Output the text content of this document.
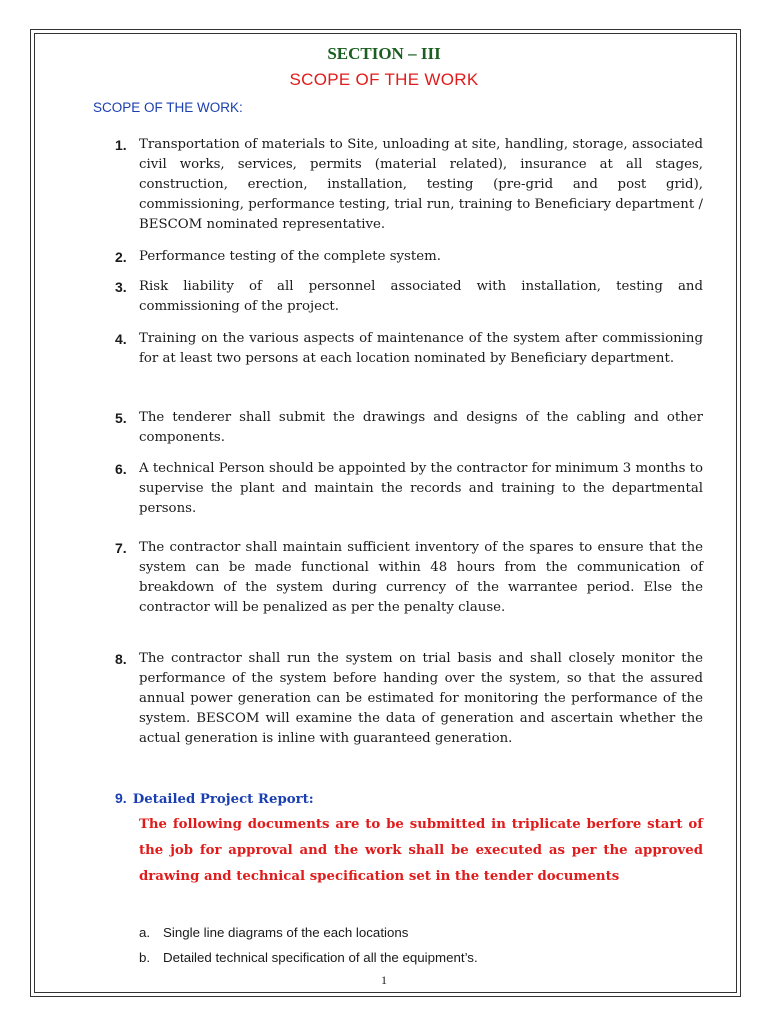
SECTION – III
SCOPE OF THE WORK
SCOPE OF THE WORK:
1. Transportation of materials to Site, unloading at site, handling, storage, associated civil works, services, permits (material related), insurance at all stages, construction, erection, installation, testing (pre-grid and post grid), commissioning, performance testing, trial run, training to Beneficiary department / BESCOM nominated representative.
2. Performance testing of the complete system.
3. Risk liability of all personnel associated with installation, testing and commissioning of the project.
4. Training on the various aspects of maintenance of the system after commissioning for at least two persons at each location nominated by Beneficiary department.
5. The tenderer shall submit the drawings and designs of the cabling and other components.
6. A technical Person should be appointed by the contractor for minimum 3 months to supervise the plant and maintain the records and training to the departmental persons.
7. The contractor shall maintain sufficient inventory of the spares to ensure that the system can be made functional within 48 hours from the communication of breakdown of the system during currency of the warrantee period. Else the contractor will be penalized as per the penalty clause.
8. The contractor shall run the system on trial basis and shall closely monitor the performance of the system before handing over the system, so that the assured annual power generation can be estimated for monitoring the performance of the system. BESCOM will examine the data of generation and ascertain whether the actual generation is inline with guaranteed generation.
9. Detailed Project Report:
The following documents are to be submitted in triplicate berfore start of the job for approval and the work shall be executed as per the approved drawing and technical specification set in the tender documents
a. Single line diagrams of the each locations
b. Detailed technical specification of all the equipment’s.
1
